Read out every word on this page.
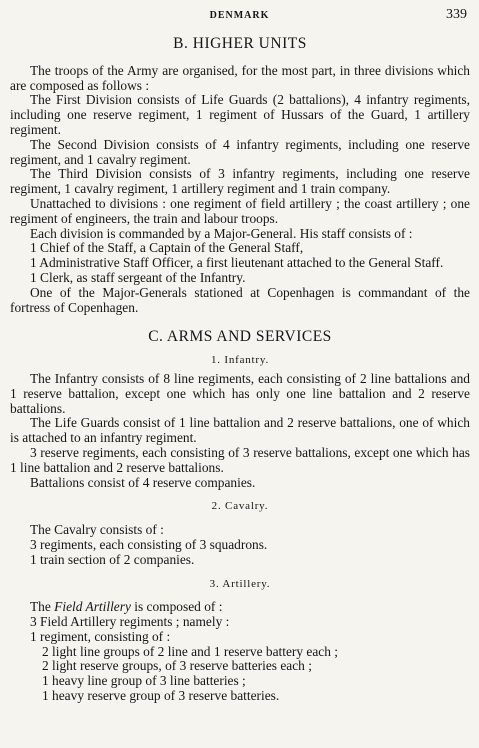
DENMARK	339
B. HIGHER UNITS

The troops of the Army are organised, for the most part, in three divisions which are composed as follows :

The First Division consists of Life Guards (2 battalions), 4 infantry regiments, including one reserve regiment, 1 regiment of Hussars of the Guard, 1 artillery regiment.

The Second Division consists of 4 infantry regiments, including one reserve regiment, and 1 cavalry regiment.

The Third Division consists of 3 infantry regiments, including one reserve regiment, 1 cavalry regiment, 1 artillery regiment and 1 train company.

Unattached to divisions : one regiment of field artillery ; the coast artillery ; one regiment of engineers, the train and labour troops.

Each division is commanded by a Major-General. His staff consists of :

1 Chief of the Staff, a Captain of the General Staff,

1 Administrative Staff Officer, a first lieutenant attached to the General Staff.

1 Clerk, as staff sergeant of the Infantry.

One of the Major-Generals stationed at Copenhagen is commandant of the fortress of Copenhagen.

C. ARMS AND SERVICES
1. Infantry.

The Infantry consists of 8 line regiments, each consisting of 2 line battalions and 1 reserve battalion, except one which has only one line battalion and 2 reserve battalions.

The Life Guards consist of 1 line battalion and 2 reserve battalions, one of which is attached to an infantry regiment.

3 reserve regiments, each consisting of 3 reserve battalions, except one which has 1 line battalion and 2 reserve battalions.

Battalions consist of 4 reserve companies.

2. Cavalry.

The Cavalry consists of :

3 regiments, each consisting of 3 squadrons.

1 train section of 2 companies.

3. Artillery.

The Field Artillery is composed of :

3 Field Artillery regiments ; namely :

1 regiment, consisting of :

2 light line groups of 2 line and 1 reserve battery each ;

2 light reserve groups, of 3 reserve batteries each ;

1 heavy line group of 3 line batteries ;

1 heavy reserve group of 3 reserve batteries.
